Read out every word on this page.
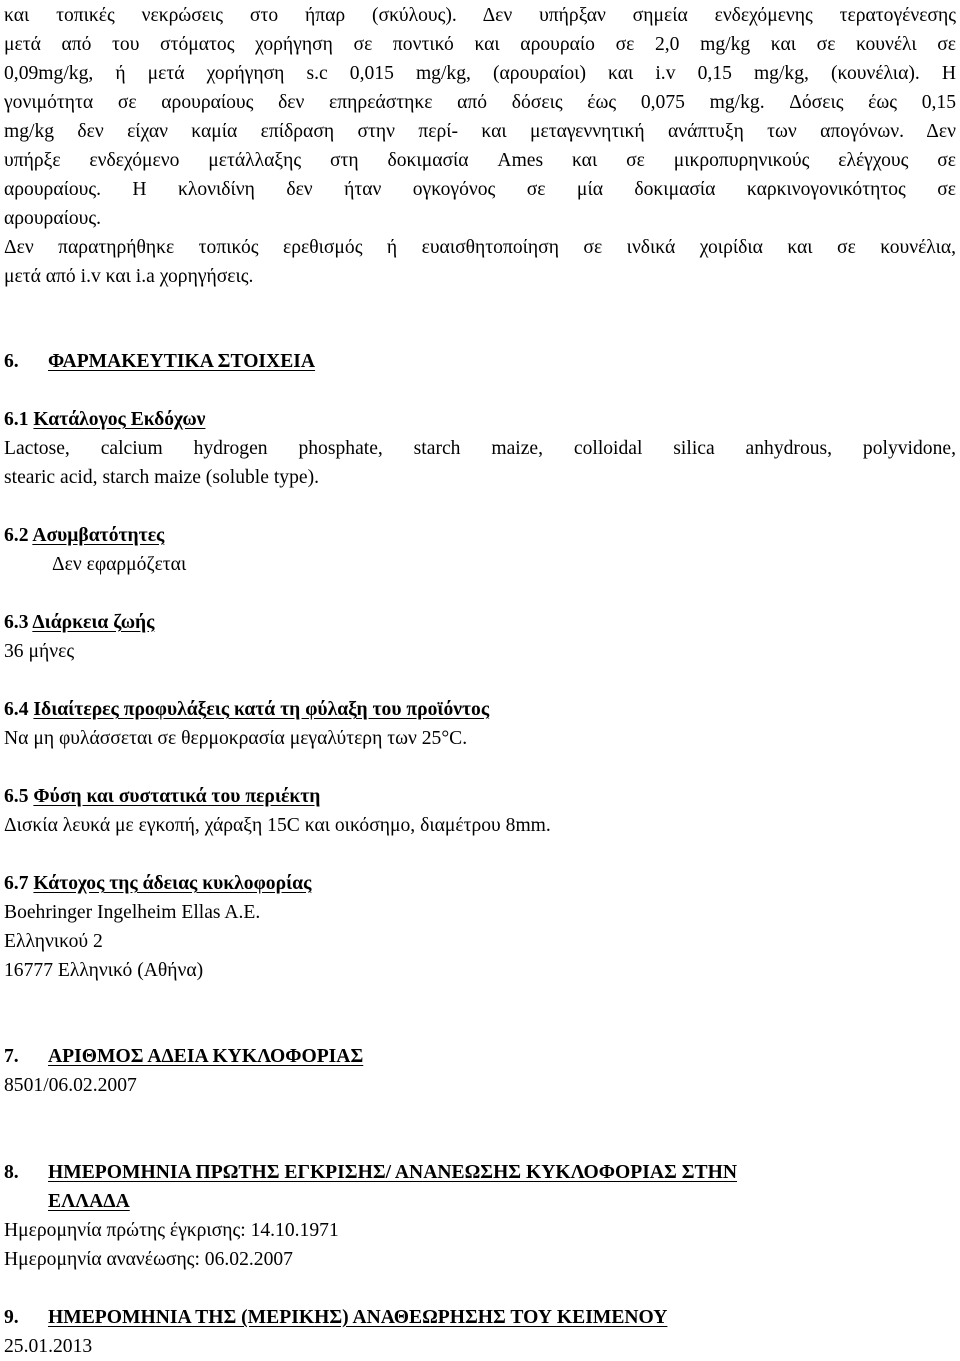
και τοπικές νεκρώσεις στο ήπαρ (σκύλους). Δεν υπήρξαν σημεία ενδεχόμενης τερατογένεσης
μετά από του στόματος χορήγηση σε ποντικό και αρουραίο σε 2,0 mg/kg και σε κουνέλι σε
0,09mg/kg, ή μετά χορήγηση s.c 0,015 mg/kg, (αρουραίοι) και i.v 0,15 mg/kg, (κουνέλια). Η
γονιμότητα σε αρουραίους δεν επηρεάστηκε από δόσεις έως 0,075 mg/kg. Δόσεις έως 0,15
mg/kg δεν είχαν καμία επίδραση στην περί- και μεταγεννητική ανάπτυξη των απογόνων. Δεν
υπήρξε ενδεχόμενο μετάλλαξης στη δοκιμασία Ames και σε μικροπυρηνικούς ελέγχους σε
αρουραίους. Η κλονιδίνη δεν ήταν ογκογόνος σε μία δοκιμασία καρκινογονικότητος σε
αρουραίους.
Δεν παρατηρήθηκε τοπικός ερεθισμός ή ευαισθητοποίηση σε ινδικά χοιρίδια και σε κουνέλια,
μετά από i.v και i.a χορηγήσεις.
6. ΦΑΡΜΑΚΕΥΤΙΚΑ ΣΤΟΙΧΕΙΑ
6.1 Κατάλογος Εκδόχων
Lactose, calcium hydrogen phosphate, starch maize, colloidal silica anhydrous, polyvidone,
stearic acid, starch maize (soluble type).
6.2 Ασυμβατότητες
Δεν εφαρμόζεται
6.3 Διάρκεια ζωής
36 μήνες
6.4 Ιδιαίτερες προφυλάξεις κατά τη φύλαξη του προϊόντος
Να μη φυλάσσεται σε θερμοκρασία μεγαλύτερη των 25°C.
6.5 Φύση και συστατικά του περιέκτη
Δισκία λευκά με εγκοπή, χάραξη 15C και οικόσημο, διαμέτρου 8mm.
6.7 Κάτοχος της άδειας κυκλοφορίας
Boehringer Ingelheim Ellas A.E.
Ελληνικού 2
16777 Ελληνικό (Αθήνα)
7. ΑΡΙΘΜΟΣ ΑΔΕΙΑ ΚΥΚΛΟΦΟΡΙΑΣ
8501/06.02.2007
8. ΗΜΕΡΟΜΗΝΙΑ ΠΡΩΤΗΣ ΕΓΚΡΙΣΗΣ/ ΑΝΑΝΕΩΣΗΣ ΚΥΚΛΟΦΟΡΙΑΣ ΣΤΗΝ
ΕΛΛΑΔΑ
Ημερομηνία πρώτης έγκρισης: 14.10.1971
Ημερομηνία ανανέωσης: 06.02.2007
9. ΗΜΕΡΟΜΗΝΙΑ ΤΗΣ (ΜΕΡΙΚΗΣ) ΑΝΑΘΕΩΡΗΣΗΣ ΤΟΥ ΚΕΙΜΕΝΟΥ
25.01.2013
